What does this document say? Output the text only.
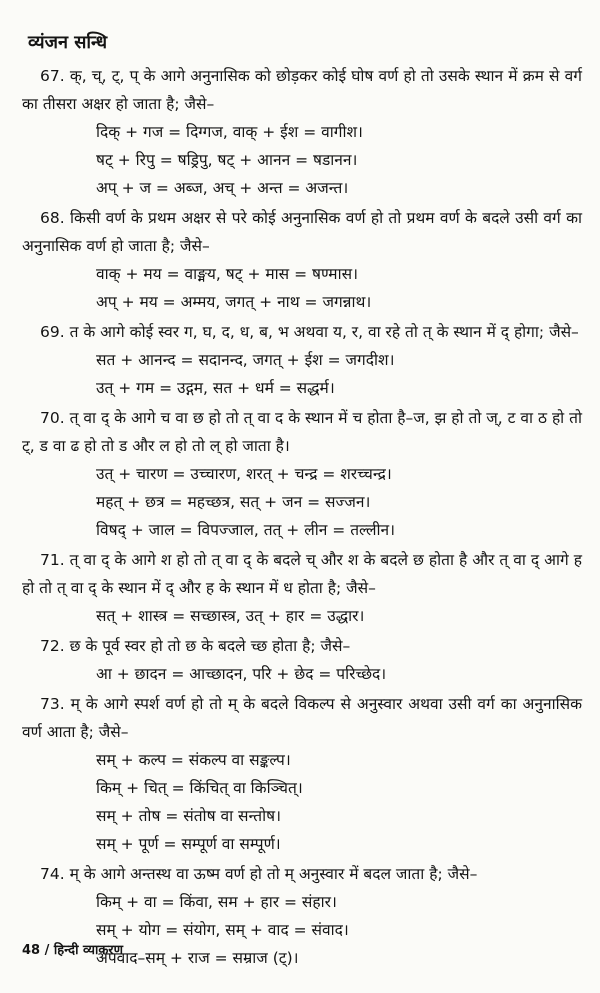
व्यंजन सन्धि
67. क्, च्, ट्, प् के आगे अनुनासिक को छोड़कर कोई घोष वर्ण हो तो उसके स्थान में क्रम से वर्ग का तीसरा अक्षर हो जाता है; जैसे–
दिक् + गज = दिग्गज, वाक् + ईश = वागीश।
षट् + रिपु = षड्रिपु, षट् + आनन = षडानन।
अप् + ज = अब्ज, अच् + अन्त = अजन्त।
68. किसी वर्ण के प्रथम अक्षर से परे कोई अनुनासिक वर्ण हो तो प्रथम वर्ण के बदले उसी वर्ग का अनुनासिक वर्ण हो जाता है; जैसे–
वाक् + मय = वाङ्मय, षट् + मास = षण्मास।
अप् + मय = अम्मय, जगत् + नाथ = जगन्नाथ।
69. त के आगे कोई स्वर ग, घ, द, ध, ब, भ अथवा य, र, वा रहे तो त् के स्थान में द् होगा; जैसे–
सत + आनन्द = सदानन्द, जगत् + ईश = जगदीश।
उत् + गम = उद्गम, सत + धर्म = सद्धर्म।
70. त् वा द् के आगे च वा छ हो तो त् वा द के स्थान में च होता है–ज, झ हो तो ज्, ट वा ठ हो तो ट्, ड वा ढ हो तो ड और ल हो तो ल् हो जाता है।
उत् + चारण = उच्चारण, शरत् + चन्द्र = शरच्चन्द्र।
महत् + छत्र = महच्छत्र, सत् + जन = सज्जन।
विषद् + जाल = विपज्जाल, तत् + लीन = तल्लीन।
71. त् वा द् के आगे श हो तो त् वा द् के बदले च् और श के बदले छ होता है और त् वा द् आगे ह हो तो त् वा द् के स्थान में द् और ह के स्थान में ध होता है; जैसे–
सत् + शास्त्र = सच्छास्त्र, उत् + हार = उद्धार।
72. छ के पूर्व स्वर हो तो छ के बदले च्छ होता है; जैसे–
आ + छादन = आच्छादन, परि + छेद = परिच्छेद।
73. म् के आगे स्पर्श वर्ण हो तो म् के बदले विकल्प से अनुस्वार अथवा उसी वर्ग का अनुनासिक वर्ण आता है; जैसे–
सम् + कल्प = संकल्प वा सङ्कल्प।
किम् + चित् = किंचित् वा किञ्चित्।
सम् + तोष = संतोष वा सन्तोष।
सम् + पूर्ण = सम्पूर्ण वा सम्पूर्ण।
74. म् के आगे अन्तस्थ वा ऊष्म वर्ण हो तो म् अनुस्वार में बदल जाता है; जैसे–
किम् + वा = किंवा, सम + हार = संहार।
सम् + योग = संयोग, सम् + वाद = संवाद।
अपवाद–सम् + राज = सम्राज (ट्)।
48 / हिन्दी व्याकरण
